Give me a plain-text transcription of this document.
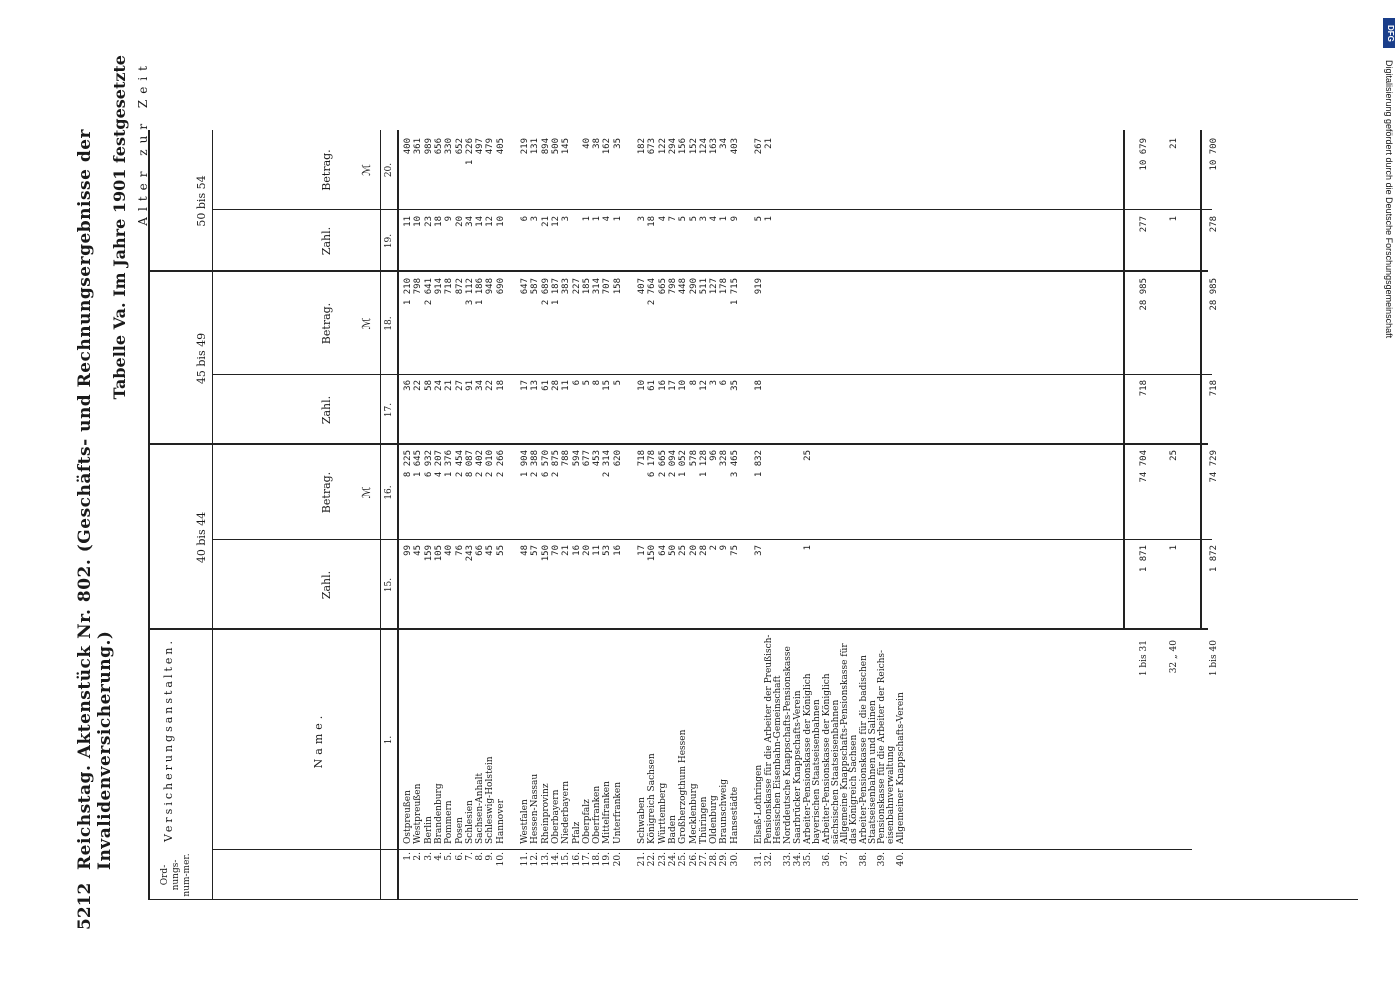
5212
Reichstag. Aktenstück Nr. 802. (Geschäfts- und Rechnungsergebnisse der Invalidenversicherung.)
Tabelle Va. Im Jahre 1901 festgesetzte Alter zur Zeit
Ord-nungs-num-mer.
Versicherungsanstalten.	Name.	1.
40 bis 44
Zahl.
Betrag. ℳ
15.
16.
45 bis 49
Zahl.
Betrag. ℳ
17.
18.
50 bis 54
Zahl.
Betrag. ℳ
19.
20.
1.
Ostpreußen
99
8 225
36
1 210
11
400
2.
Westpreußen
45
1 645
22
798
10
361
3.
Berlin
159
6 932
58
2 641
23
989
4.
Brandenburg
105
4 207
24
914
18
656
5.
Pommern
40
1 376
21
718
9
330
6.
Posen
76
2 454
27
872
20
652
7.
Schlesien
243
8 087
91
3 112
34
1 226
8.
Sachsen-Anhalt
66
2 402
34
1 186
14
497
9.
Schleswig-Holstein
45
2 010
22
948
12
479
10.
Hannover
55
2 266
18
690
10
405
11.
Westfalen
48
1 904
17
647
6
219
12.
Hessen-Nassau
57
2 388
13
587
3
131
13.
Rheinprovinz
150
6 570
61
2 689
21
894
14.
Oberbayern
70
2 875
28
1 187
12
500
15.
Niederbayern
21
788
11
383
3
145
16.
Pfalz
16
594
6
227
17.
Oberpfalz
20
677
5
185
1
40
18.
Oberfranken
11
453
8
314
1
38
19.
Mittelfranken
53
2 314
15
707
4
162
20.
Unterfranken
16
620
5
158
1
35
21.
Schwaben
17
718
10
407
3
182
22.
Königreich Sachsen
150
6 178
61
2 764
18
673
23.
Württemberg
64
2 665
16
665
4
122
24.
Baden
50
2 094
17
798
7
294
25.
Großherzogthum Hessen
25
1 052
10
448
5
156
26.
Mecklenburg
20
578
8
290
5
152
27.
Thüringen
28
1 128
12
511
3
124
28.
Oldenburg
2
96
3
127
4
163
29.
Braunschweig
9
328
6
178
1
34
30.
Hansestädte
75
3 465
35
1 715
9
403
31.
Elsaß-Lothringen
37
1 832
18
919
5
267
32.
Pensionskasse für die Arbeiter der Preußisch-Hessischen Eisenbahn-Gemeinschaft
1
21
33.
Norddeutsche Knappschafts-Pensionskasse
34.
Saarbrücker Knappschafts-Verein
35.
Arbeiter-Pensionskasse der Königlich bayerischen Staatseisenbahnen
1
25
36.
Arbeiter-Pensionskasse der Königlich sächsischen Staatseisenbahnen
37.
Allgemeine Knappschafts-Pensionskasse für das Königreich Sachsen
38.
Arbeiter-Pensionskasse für die badischen Staatseisenbahnen und Salinen
39.
Pensionskasse für die Arbeiter der Reichs-eisenbahnverwaltung
40.
Allgemeiner Knappschafts-Verein
1 bis 31
1 871
74 704
718
28 985
277
10 679
32 „ 40
1
25
1
21
1 bis 40
1 872
74 729
718
28 985
278
10 700
DFG
Digitalisierung gefördert durch die Deutsche Forschungsgemeinschaft
